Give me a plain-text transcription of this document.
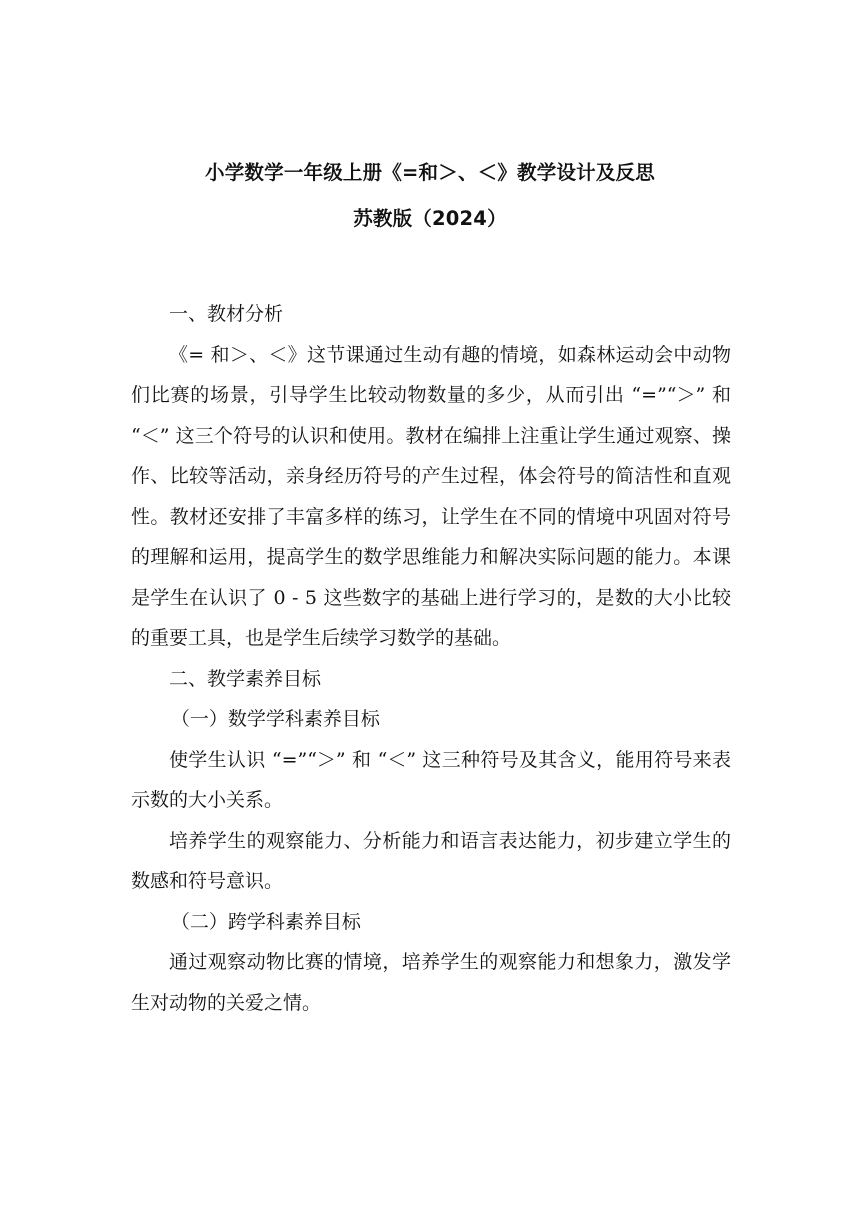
小学数学一年级上册《=和＞、＜》教学设计及反思
苏教版（2024）

一、教材分析

《= 和＞、＜》这节课通过生动有趣的情境，如森林运动会中动物们比赛的场景，引导学生比较动物数量的多少，从而引出 “=”“＞” 和 “＜” 这三个符号的认识和使用。教材在编排上注重让学生通过观察、操作、比较等活动，亲身经历符号的产生过程，体会符号的简洁性和直观性。教材还安排了丰富多样的练习，让学生在不同的情境中巩固对符号的理解和运用，提高学生的数学思维能力和解决实际问题的能力。本课是学生在认识了 0 - 5 这些数字的基础上进行学习的，是数的大小比较的重要工具，也是学生后续学习数学的基础。

二、教学素养目标

（一）数学学科素养目标

使学生认识 “=”“＞” 和 “＜” 这三种符号及其含义，能用符号来表示数的大小关系。

培养学生的观察能力、分析能力和语言表达能力，初步建立学生的数感和符号意识。

（二）跨学科素养目标

通过观察动物比赛的情境，培养学生的观察能力和想象力，激发学生对动物的关爱之情。
